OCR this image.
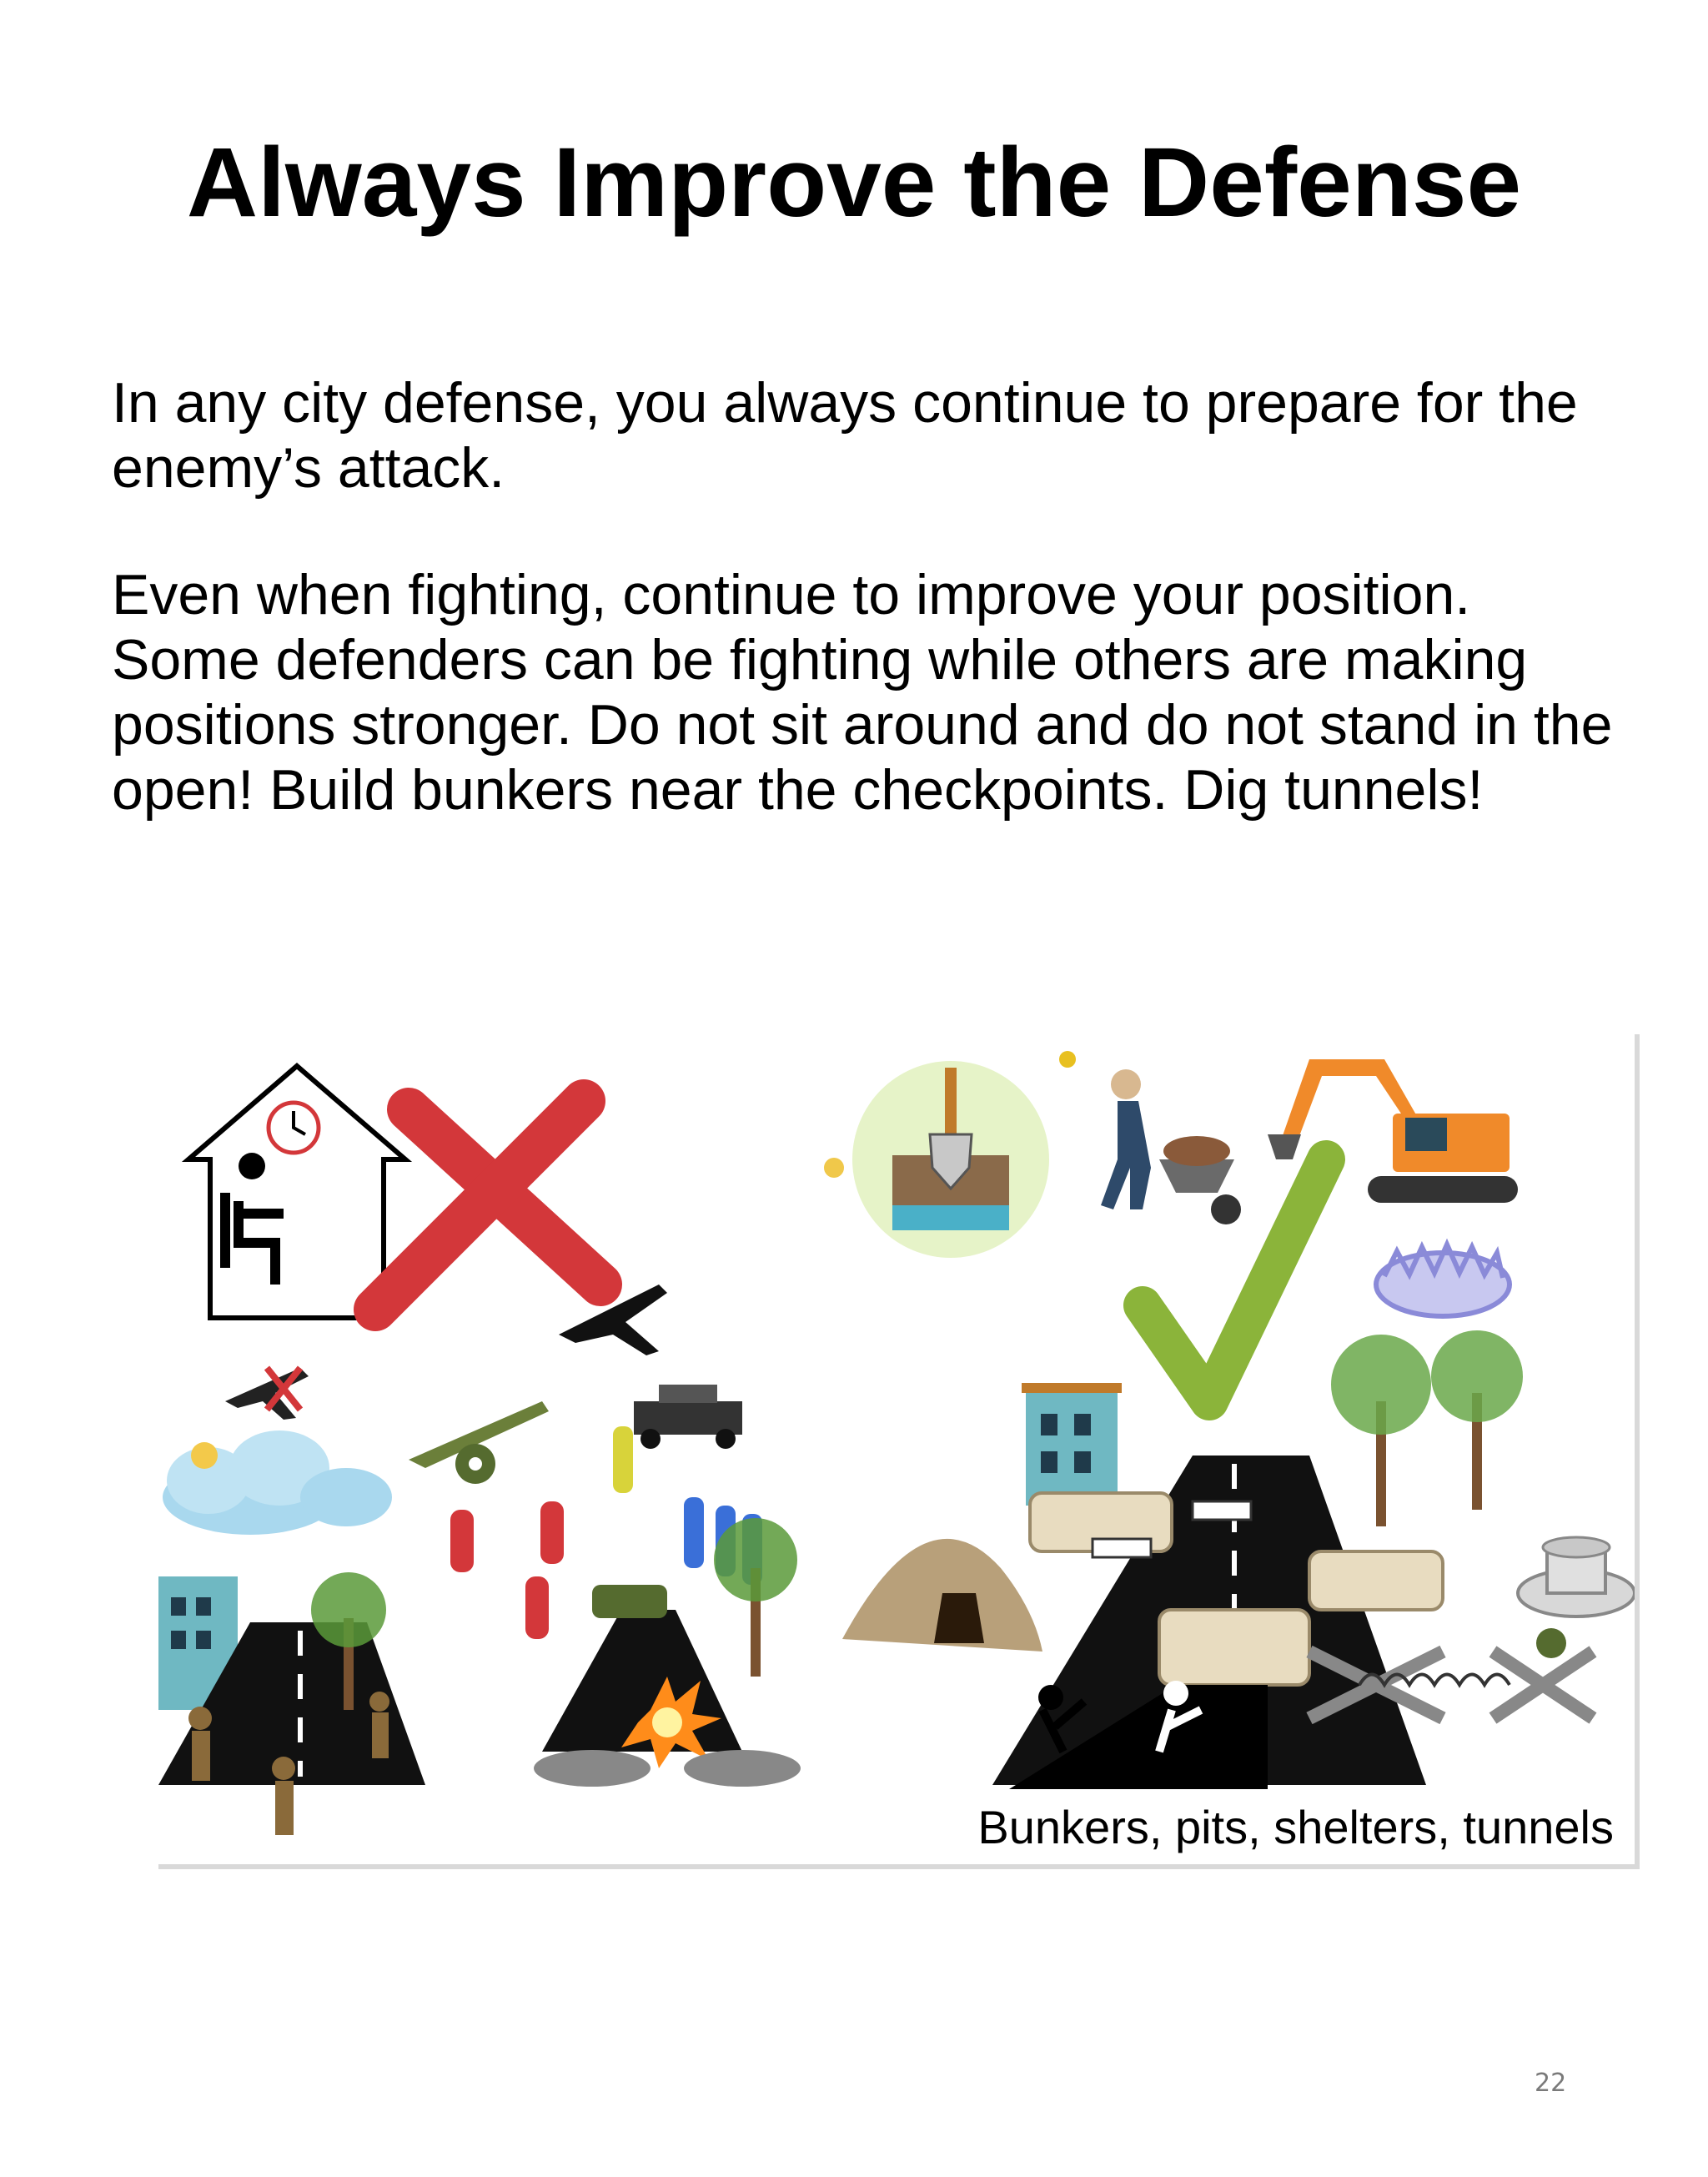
Always Improve the Defense
In any city defense, you always continue to prepare for the enemy’s attack.
Even when fighting, continue to improve your position. Some defenders can be fighting while others are making positions stronger. Do not sit around and do not stand in the open! Build bunkers near the checkpoints. Dig tunnels!
Bunkers, pits, shelters, tunnels
22
